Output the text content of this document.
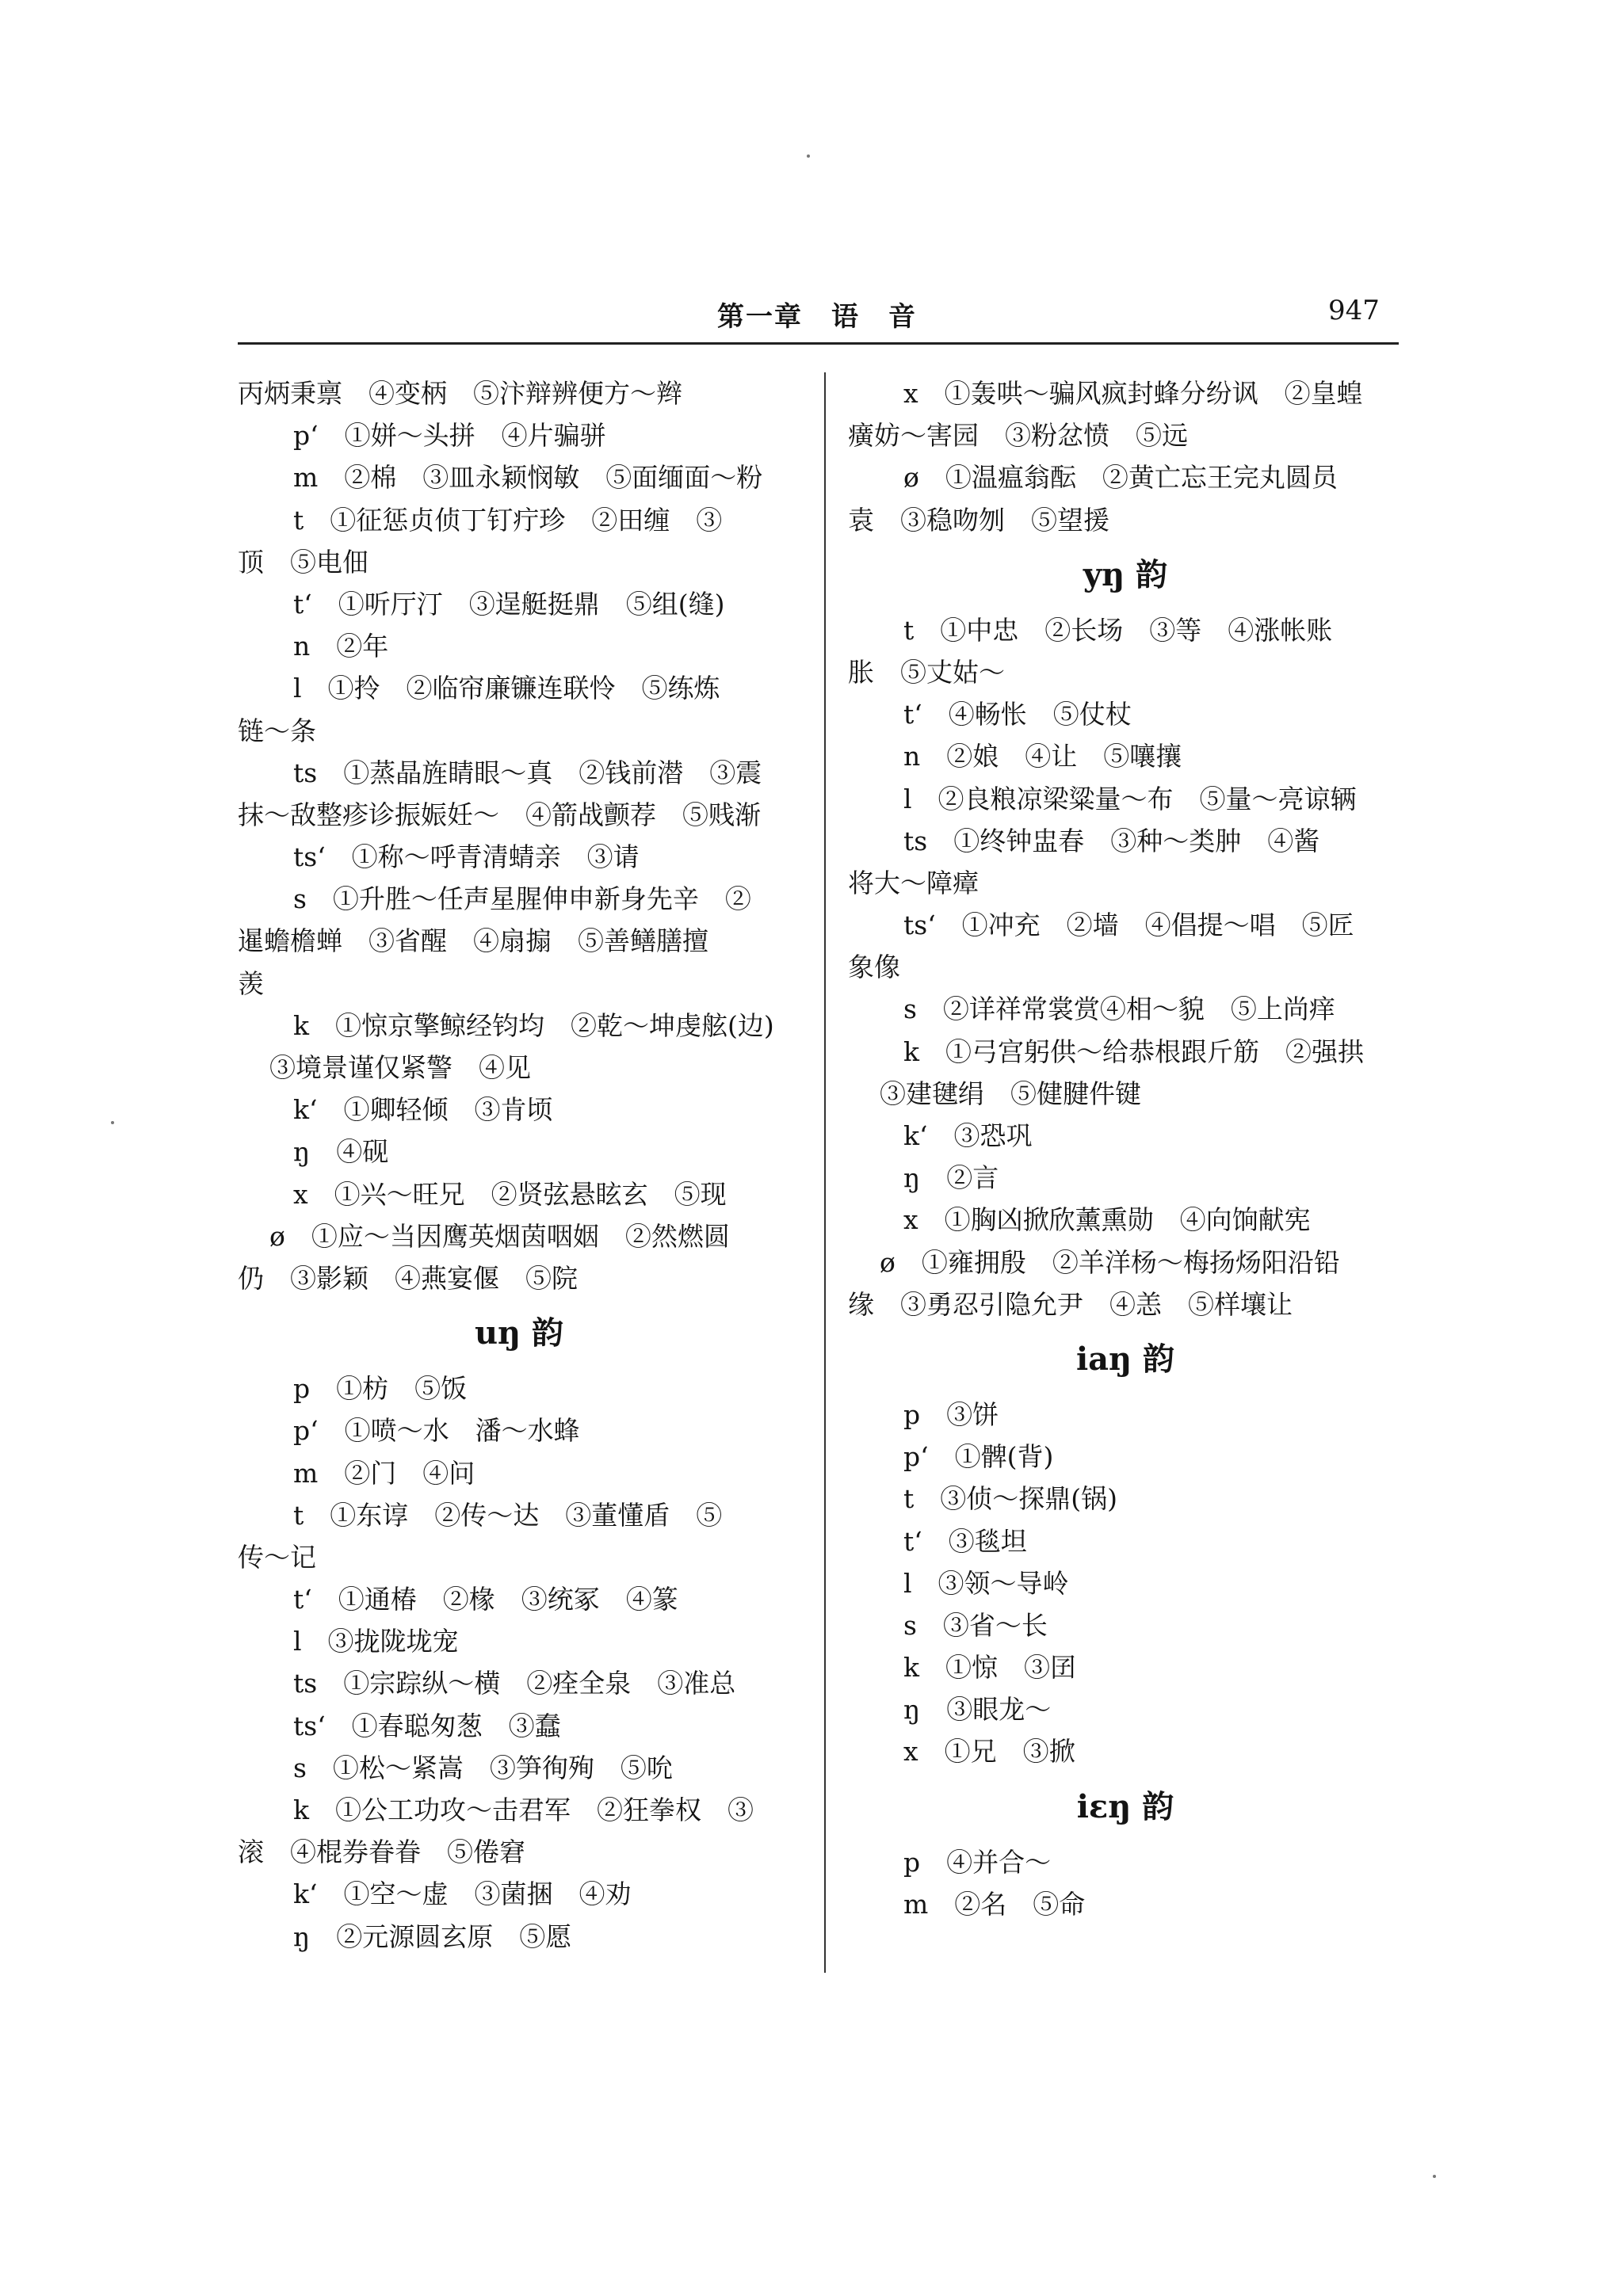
第一章　语　音	947
丙炳秉禀　④变柄　⑤汴辩辨便方～辫
p‘　①姘～头拼　④片骗骈
m　②棉　③皿永颖悯敏　⑤面缅面～粉
t　①征惩贞侦丁钉疔珍　②田缠　③
顶　⑤电佃
t‘　①听厅汀　③逞艇挺鼎　⑤组(缝)
n　②年
l　①拎　②临帘廉镰连联怜　⑤练炼
链～条
ts　①蒸晶旌睛眼～真　②钱前潜　③震
抹～敌整疹诊振娠妊～　④箭战颤荐　⑤贱渐
ts‘　①称～呼青清蜻亲　③请
s　①升胜～任声星腥伸申新身先辛　②
暹蟾檐蝉　③省醒　④扇搧　⑤善鳝膳擅
羡
k　①惊京擎鲸经钧均　②乾～坤虔舷(边)
③境景谨仅紧警　④见
k‘　①卿轻倾　③肯顷
ŋ　④砚
x　①兴～旺兄　②贤弦悬眩玄　⑤现
ø　①应～当因鹰英烟茵咽姻　②然燃圆
仍　③影颖　④燕宴偃　⑤院
uŋ 韵
p　①枋　⑤饭
p‘　①喷～水　潘～水蜂
m　②门　④问
t　①东谆　②传～达　③董懂盾　⑤
传～记
t‘　①通椿　②椽　③统冢　④篆
l　③拢陇垅宠
ts　①宗踪纵～横　②痊全泉　③准总
ts‘　①春聪匆葱　③蠢
s　①松～紧嵩　③笋徇殉　⑤吮
k　①公工功攻～击君军　②狂拳权　③
滚　④棍券眷眷　⑤倦窘
k‘　①空～虚　③菌捆　④劝
ŋ　②元源圆玄原　⑤愿
x　①轰哄～骗风疯封蜂分纷讽　②皇蝗
癀妨～害园　③粉忿愤　⑤远
ø　①温瘟翁酝　②黄亡忘王完丸圆员
袁　③稳吻刎　⑤望援
yŋ 韵
t　①中忠　②长场　③等　④涨帐账
胀　⑤丈姑～
t‘　④畅怅　⑤仗杖
n　②娘　④让　⑤嚷攘
l　②良粮凉梁粱量～布　⑤量～亮谅辆
ts　①终钟盅春　③种～类肿　④酱
将大～障瘴
ts‘　①冲充　②墙　④倡提～唱　⑤匠
象像
s　②详祥常裳赏④相～貌　⑤上尚痒
k　①弓宫躬供～给恭根跟斤筋　②强拱
③建毽绢　⑤健腱件键
k‘　③恐巩
ŋ　②言
x　①胸凶掀欣薰熏勋　④向饷献宪
ø　①雍拥殷　②羊洋杨～梅扬炀阳沿铅
缘　③勇忍引隐允尹　④恙　⑤样壤让
iaŋ 韵
p　③饼
p‘　①髀(背)
t　③侦～探鼎(锅)
t‘　③毯坦
l　③领～导岭
s　③省～长
k　①惊　③囝
ŋ　③眼龙～
x　①兄　③掀
iɛŋ 韵
p　④并合～
m　②名　⑤命
